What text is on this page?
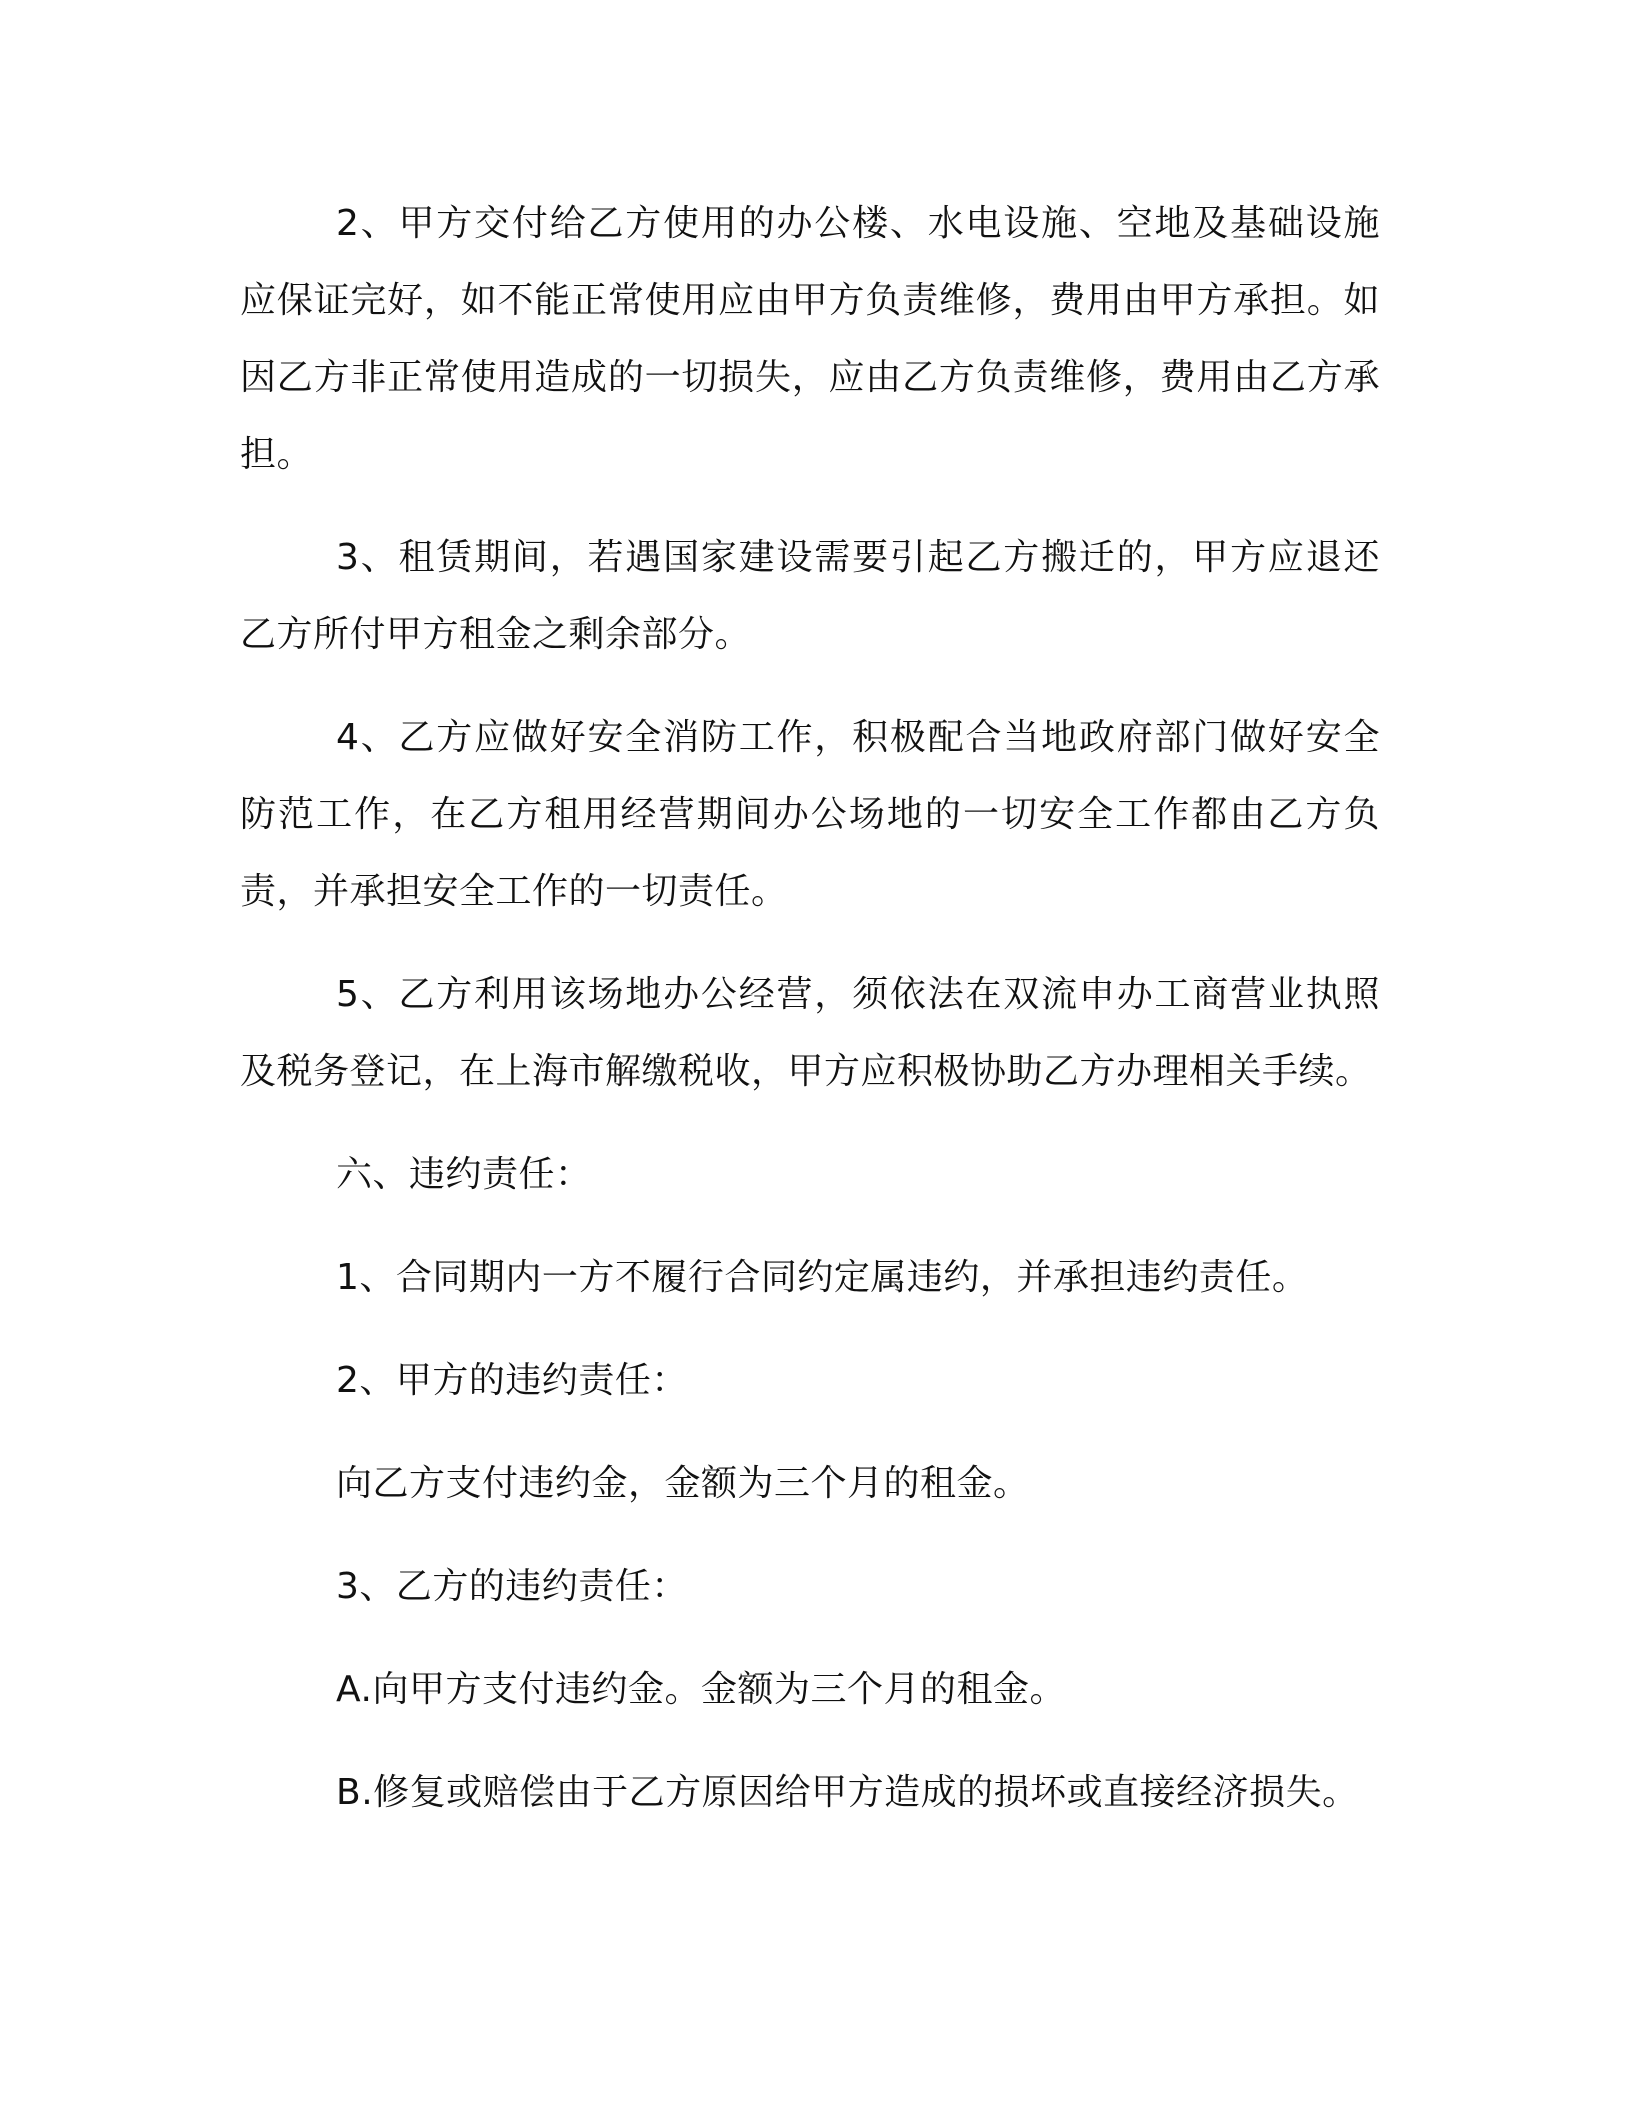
2、甲方交付给乙方使用的办公楼、水电设施、空地及基础设施应保证完好，如不能正常使用应由甲方负责维修，费用由甲方承担。如因乙方非正常使用造成的一切损失，应由乙方负责维修，费用由乙方承担。

3、租赁期间，若遇国家建设需要引起乙方搬迁的，甲方应退还乙方所付甲方租金之剩余部分。

4、乙方应做好安全消防工作，积极配合当地政府部门做好安全防范工作，在乙方租用经营期间办公场地的一切安全工作都由乙方负责，并承担安全工作的一切责任。

5、乙方利用该场地办公经营，须依法在双流申办工商营业执照及税务登记，在上海市解缴税收，甲方应积极协助乙方办理相关手续。

六、违约责任：

1、合同期内一方不履行合同约定属违约，并承担违约责任。

2、甲方的违约责任：

向乙方支付违约金，金额为三个月的租金。

3、乙方的违约责任：

A.向甲方支付违约金。金额为三个月的租金。

B.修复或赔偿由于乙方原因给甲方造成的损坏或直接经济损失。
